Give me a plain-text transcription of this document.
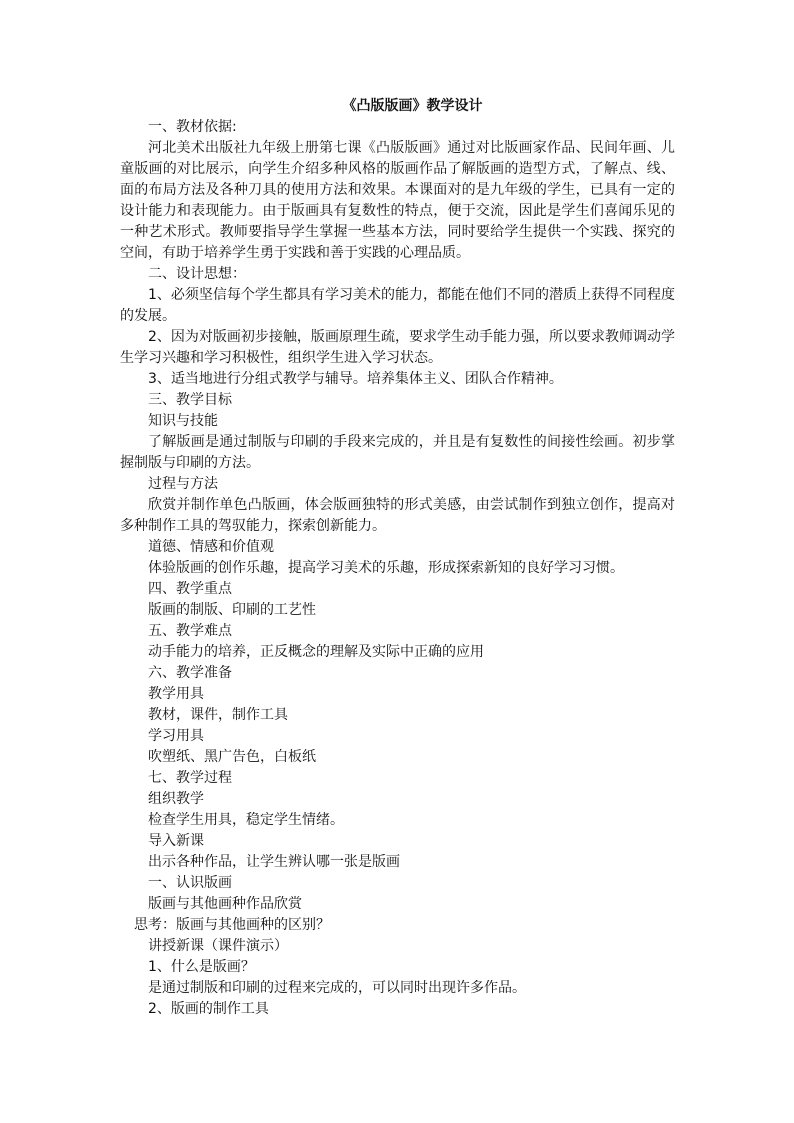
《凸版版画》教学设计

一、教材依据:

河北美术出版社九年级上册第七课《凸版版画》通过对比版画家作品、民间年画、儿童版画的对比展示，向学生介绍多种风格的版画作品了解版画的造型方式，了解点、线、面的布局方法及各种刀具的使用方法和效果。本课面对的是九年级的学生，已具有一定的设计能力和表现能力。由于版画具有复数性的特点，便于交流，因此是学生们喜闻乐见的一种艺术形式。教师要指导学生掌握一些基本方法，同时要给学生提供一个实践、探究的空间，有助于培养学生勇于实践和善于实践的心理品质。

二、设计思想：

1、必须坚信每个学生都具有学习美术的能力，都能在他们不同的潜质上获得不同程度的发展。

2、因为对版画初步接触，版画原理生疏，要求学生动手能力强，所以要求教师调动学生学习兴趣和学习积极性，组织学生进入学习状态。

3、适当地进行分组式教学与辅导。培养集体主义、团队合作精神。

三、教学目标

知识与技能

了解版画是通过制版与印刷的手段来完成的，并且是有复数性的间接性绘画。初步掌握制版与印刷的方法。

过程与方法

欣赏并制作单色凸版画，体会版画独特的形式美感，由尝试制作到独立创作，提高对多种制作工具的驾驭能力，探索创新能力。

道德、情感和价值观

体验版画的创作乐趣，提高学习美术的乐趣，形成探索新知的良好学习习惯。

四、教学重点

版画的制版、印刷的工艺性

五、教学难点

动手能力的培养，正反概念的理解及实际中正确的应用

六、教学准备

教学用具

教材，课件，制作工具

学习用具

吹塑纸、黑广告色，白板纸

七、教学过程

组织教学

检查学生用具，稳定学生情绪。

导入新课

出示各种作品，让学生辨认哪一张是版画

一、认识版画

版画与其他画种作品欣赏

思考：版画与其他画种的区别？

讲授新课（课件演示）

1、什么是版画？

是通过制版和印刷的过程来完成的，可以同时出现许多作品。

2、版画的制作工具
